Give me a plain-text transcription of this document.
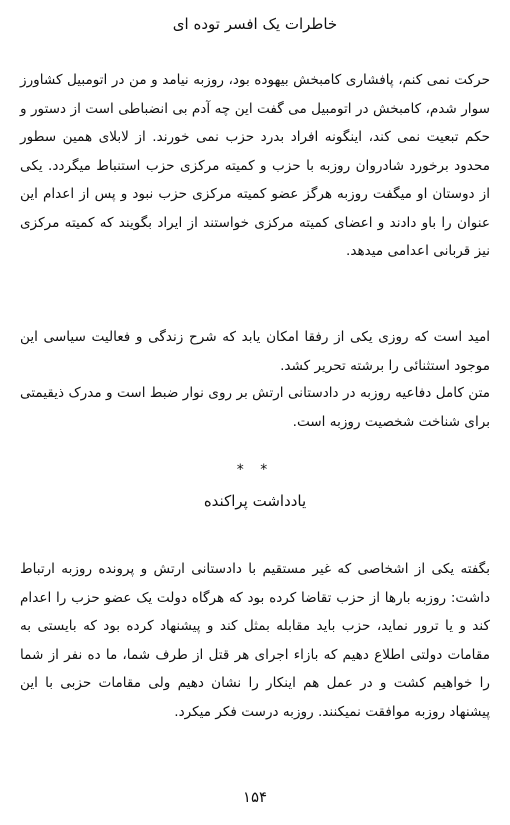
خاطرات یک افسر توده ای

حرکت نمی کنم، پافشاری کامبخش بیهوده بود، روزبه نیامد و من در اتومبیل کشاورز سوار شدم، کامبخش در اتومبیل می گفت این چه آدم بی انضباطی است از دستور و حکم تبعیت نمی کند، اینگونه افراد بدرد حزب نمی خورند. از لابلای همین سطور محدود برخورد شادروان روزبه با حزب و کمیته مرکزی حزب استنباط میگردد. یکی از دوستان او میگفت روزبه هرگز عضو کمیته مرکزی حزب نبود و پس از اعدام این عنوان را باو دادند و اعضای کمیته مرکزی خواستند از ایراد بگویند که کمیته مرکزی نیز قربانی اعدامی میدهد.

امید است که روزی یکی از رفقا امکان یابد که شرح زندگی و فعالیت سیاسی این موجود استثنائی را برشته تحریر کشد.

متن کامل دفاعیه روزبه در دادستانی ارتش بر روی نوار ضبط است و مدرک ذیقیمتی برای شناخت شخصیت روزبه است.

* *
یادداشت پراکنده

بگفته یکی از اشخاصی که غیر مستقیم با دادستانی ارتش و پرونده روزبه ارتباط داشت: روزبه بارها از حزب تقاضا کرده بود که هرگاه دولت یک عضو حزب را اعدام کند و یا ترور نماید، حزب باید مقابله بمثل کند و پیشنهاد کرده بود که بایستی به مقامات دولتی اطلاع دهیم که بازاء اجرای هر قتل از طرف شما، ما ده نفر از شما را خواهیم کشت و در عمل هم اینکار را نشان دهیم ولی مقامات حزبی با این پیشنهاد روزبه موافقت نمیکنند. روزبه درست فکر میکرد.

۱۵۴
